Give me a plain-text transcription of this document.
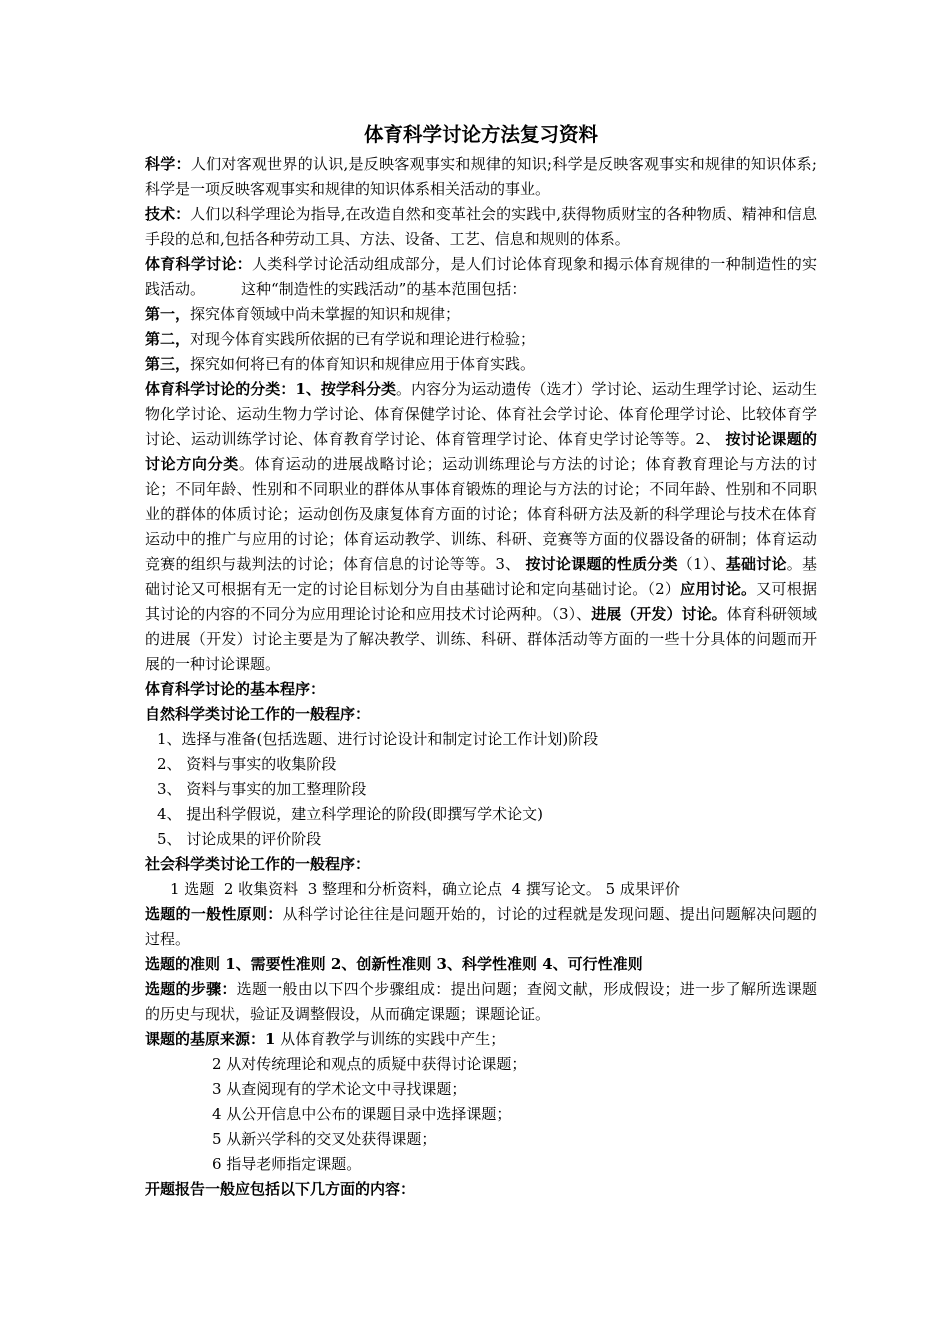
体育科学讨论方法复习资料

科学：人们对客观世界的认识,是反映客观事实和规律的知识;科学是反映客观事实和规律的知识体系; 科学是一项反映客观事实和规律的知识体系相关活动的事业。

技术：人们以科学理论为指导,在改造自然和变革社会的实践中,获得物质财宝的各种物质、精神和信息手段的总和,包括各种劳动工具、方法、设备、工艺、信息和规则的体系。

体育科学讨论：人类科学讨论活动组成部分，是人们讨论体育现象和揭示体育规律的一种制造性的实践活动。 这种“制造性的实践活动”的基本范围包括：

第一，探究体育领域中尚未掌握的知识和规律；

第二，对现今体育实践所依据的已有学说和理论进行检验；

第三，探究如何将已有的体育知识和规律应用于体育实践。

体育科学讨论的分类：1、按学科分类。内容分为运动遗传（选才）学讨论、运动生理学讨论、运动生物化学讨论、运动生物力学讨论、体育保健学讨论、体育社会学讨论、体育伦理学讨论、比较体育学讨论、运动训练学讨论、体育教育学讨论、体育管理学讨论、体育史学讨论等等。2、 按讨论课题的讨论方向分类。体育运动的进展战略讨论；运动训练理论与方法的讨论；体育教育理论与方法的讨论；不同年龄、性别和不同职业的群体从事体育锻炼的理论与方法的讨论；不同年龄、性别和不同职业的群体的体质讨论；运动创伤及康复体育方面的讨论；体育科研方法及新的科学理论与技术在体育运动中的推广与应用的讨论；体育运动教学、训练、科研、竞赛等方面的仪器设备的研制；体育运动竞赛的组织与裁判法的讨论；体育信息的讨论等等。3、 按讨论课题的性质分类（1）、基础讨论。基础讨论又可根据有无一定的讨论目标划分为自由基础讨论和定向基础讨论。（2）应用讨论。又可根据其讨论的内容的不同分为应用理论讨论和应用技术讨论两种。（3）、进展（开发）讨论。体育科研领域的进展（开发）讨论主要是为了解决教学、训练、科研、群体活动等方面的一些十分具体的问题而开展的一种讨论课题。

体育科学讨论的基本程序：

自然科学类讨论工作的一般程序：

1、选择与准备(包括选题、进行讨论设计和制定讨论工作计划)阶段

2、 资料与事实的收集阶段

3、 资料与事实的加工整理阶段

4、 提出科学假说，建立科学理论的阶段(即撰写学术论文)

5、 讨论成果的评价阶段

社会科学类讨论工作的一般程序：

1 选题  2 收集资料  3 整理和分析资料，确立论点  4 撰写论文。 5 成果评价

选题的一般性原则：从科学讨论往往是问题开始的，讨论的过程就是发现问题、提出问题解决问题的过程。

选题的准则 1、需要性准则 2、创新性准则 3、科学性准则 4、可行性准则

选题的步骤：选题一般由以下四个步骤组成：提出问题；查阅文献，形成假设；进一步了解所选课题的历史与现状，验证及调整假设，从而确定课题；课题论证。

课题的基原来源：1 从体育教学与训练的实践中产生；

2 从对传统理论和观点的质疑中获得讨论课题；

3 从查阅现有的学术论文中寻找课题；

4 从公开信息中公布的课题目录中选择课题；

5 从新兴学科的交叉处获得课题；

6 指导老师指定课题。

开题报告一般应包括以下几方面的内容：
